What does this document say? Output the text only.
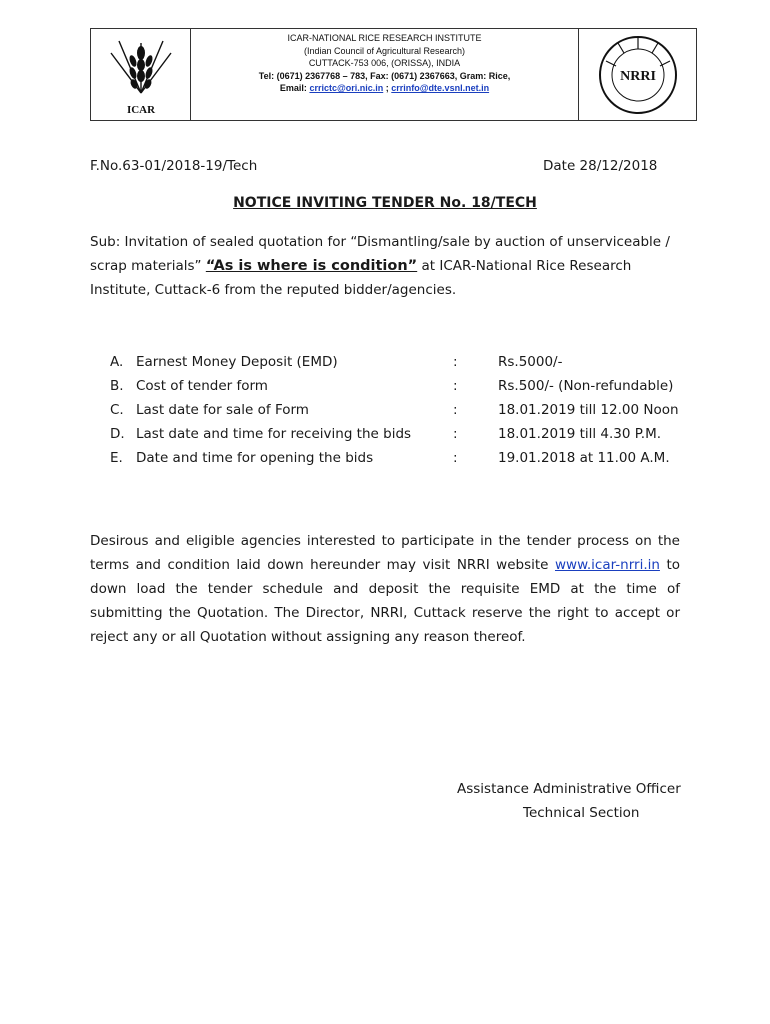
ICAR
ICAR-NATIONAL RICE RESEARCH INSTITUTE
(Indian Council of Agricultural Research)
CUTTACK-753 006, (ORISSA), INDIA
Tel: (0671) 2367768 – 783, Fax: (0671) 2367663, Gram: Rice,
Email: crrictc@ori.nic.in ; crrinfo@dte.vsnl.net.in
NRRI
F.No.63-01/2018-19/Tech	Date 28/12/2018
NOTICE INVITING TENDER No. 18/TECH
Sub: Invitation of sealed quotation for “Dismantling/sale by auction of unserviceable / scrap materials” “As is where is condition” at ICAR-National Rice Research Institute, Cuttack-6 from the reputed bidder/agencies.
A. Earnest Money Deposit (EMD)	:	Rs.5000/-
B. Cost of tender form	:	Rs.500/- (Non-refundable)
C. Last date for sale of Form	:	18.01.2019 till 12.00 Noon
D. Last date and time for receiving the bids	:	18.01.2019 till 4.30 P.M.
E. Date and time for opening the bids	:	19.01.2018 at 11.00 A.M.
Desirous and eligible agencies interested to participate in the tender process on the terms and condition laid down hereunder may visit NRRI website www.icar-nrri.in to down load the tender schedule and deposit the requisite EMD at the time of submitting the Quotation. The Director, NRRI, Cuttack reserve the right to accept or reject any or all Quotation without assigning any reason thereof.
Assistance Administrative Officer
Technical Section
